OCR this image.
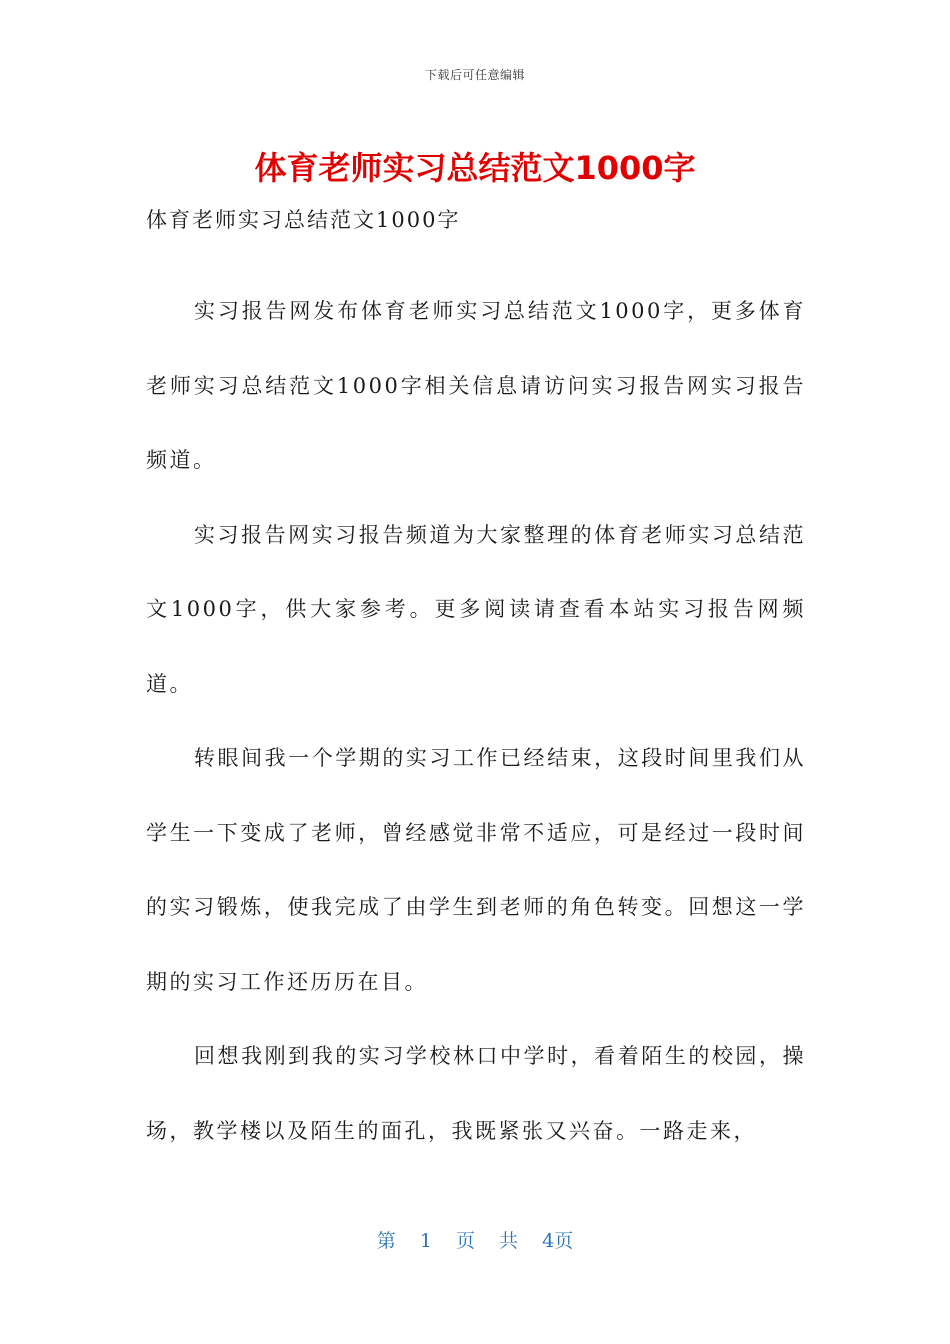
下载后可任意编辑
体育老师实习总结范文1000字

体育老师实习总结范文1000字

实习报告网发布体育老师实习总结范文1000字，更多体育老师实习总结范文1000字相关信息请访问实习报告网实习报告频道。

实习报告网实习报告频道为大家整理的体育老师实习总结范文1000字，供大家参考。更多阅读请查看本站实习报告网频道。

转眼间我一个学期的实习工作已经结束，这段时间里我们从学生一下变成了老师，曾经感觉非常不适应，可是经过一段时间的实习锻炼，使我完成了由学生到老师的角色转变。回想这一学期的实习工作还历历在目。

回想我刚到我的实习学校林口中学时，看着陌生的校园，操场，教学楼以及陌生的面孔，我既紧张又兴奋。一路走来，

第 1 页 共 4页
